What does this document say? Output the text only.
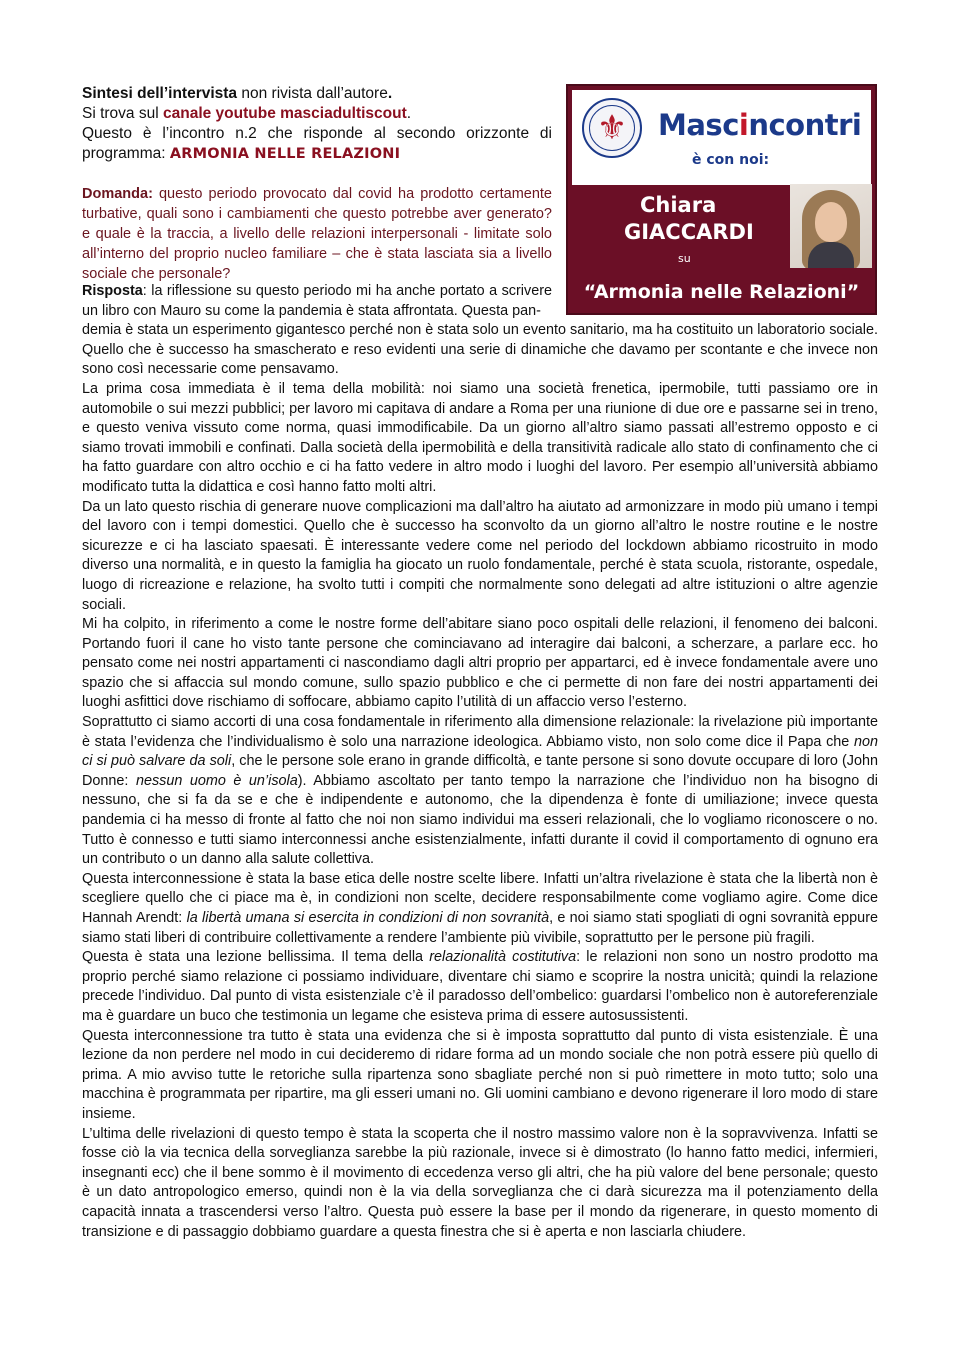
Sintesi dell’intervista non rivista dall’autore.

Si trova sul canale youtube masciadultiscout.

Questo è l’incontro n.2 che risponde al secondo orizzonte di

programma: ARMONIA NELLE RELAZIONI

⚜ Mascincontri
è con noi:
Chiara
GIACCARDI
su
“Armonia nelle Relazioni”

Domanda: questo periodo provocato dal covid ha prodotto certamente turbative, quali sono i cambiamenti che questo potrebbe aver generato? e quale è la traccia, a livello delle relazioni interpersonali - limitate solo all’interno del proprio nucleo familiare – che è stata lasciata sia a livello sociale che personale?

Risposta: la riflessione su questo periodo mi ha anche portato a scrivere un libro con Mauro su come la pandemia è stata affrontata. Questa pan-

demia è stata un esperimento gigantesco perché non è stata solo un evento sanitario, ma ha costituito un laboratorio sociale. Quello che è successo ha smascherato e reso evidenti una serie di dinamiche che davamo per scontante e che invece non sono così necessarie come pensavamo.

La prima cosa immediata è il tema della mobilità: noi siamo una società frenetica, ipermobile, tutti passiamo ore in automobile o sui mezzi pubblici; per lavoro mi capitava di andare a Roma per una riunione di due ore e passarne sei in treno, e questo veniva vissuto come norma, quasi immodificabile. Da un giorno all’altro siamo passati all’estremo opposto e ci siamo trovati immobili e confinati. Dalla società della ipermobilità e della transitività radicale allo stato di confinamento che ci ha fatto guardare con altro occhio e ci ha fatto vedere in altro modo i luoghi del lavoro. Per esempio all’università abbiamo modificato tutta la didattica e così hanno fatto molti altri.

Da un lato questo rischia di generare nuove complicazioni ma dall’altro ha aiutato ad armonizzare in modo più umano i tempi del lavoro con i tempi domestici. Quello che è successo ha sconvolto da un giorno all’altro le nostre routine e le nostre sicurezze e ci ha lasciato spaesati. È interessante vedere come nel periodo del lockdown abbiamo ricostruito in modo diverso una normalità, e in questo la famiglia ha giocato un ruolo fondamentale, perché è stata scuola, ristorante, ospedale, luogo di ricreazione e relazione, ha svolto tutti i compiti che normalmente sono delegati ad altre istituzioni o altre agenzie sociali.

Mi ha colpito, in riferimento a come le nostre forme dell’abitare siano poco ospitali delle relazioni, il fenomeno dei balconi. Portando fuori il cane ho visto tante persone che cominciavano ad interagire dai balconi, a scherzare, a parlare ecc. ho pensato come nei nostri appartamenti ci nascondiamo dagli altri proprio per appartarci, ed è invece fondamentale avere uno spazio che si affaccia sul mondo comune, sullo spazio pubblico e che ci permette di non fare dei nostri appartamenti dei luoghi asfittici dove rischiamo di soffocare, abbiamo capito l’utilità di un affaccio verso l’esterno.

Soprattutto ci siamo accorti di una cosa fondamentale in riferimento alla dimensione relazionale: la rivelazione più importante è stata l’evidenza che l’individualismo è solo una narrazione ideologica. Abbiamo visto, non solo come dice il Papa che non ci si può salvare da soli, che le persone sole erano in grande difficoltà, e tante persone si sono dovute occupare di loro (John Donne: nessun uomo è un’isola). Abbiamo ascoltato per tanto tempo la narrazione che l’individuo non ha bisogno di nessuno, che si fa da se e che è indipendente e autonomo, che la dipendenza è fonte di umiliazione; invece questa pandemia ci ha messo di fronte al fatto che noi non siamo individui ma esseri relazionali, che lo vogliamo riconoscere o no. Tutto è connesso e tutti siamo interconnessi anche esistenzialmente, infatti durante il covid il comportamento di ognuno era un contributo o un danno alla salute collettiva.

Questa interconnessione è stata la base etica delle nostre scelte libere. Infatti un’altra rivelazione è stata che la libertà non è scegliere quello che ci piace ma è, in condizioni non scelte, decidere responsabilmente come vogliamo agire. Come dice Hannah Arendt: la libertà umana si esercita in condizioni di non sovranità, e noi siamo stati spogliati di ogni sovranità eppure siamo stati liberi di contribuire collettivamente a rendere l’ambiente più vivibile, soprattutto per le persone più fragili.

Questa è stata una lezione bellissima. Il tema della relazionalità costitutiva: le relazioni non sono un nostro prodotto ma proprio perché siamo relazione ci possiamo individuare, diventare chi siamo e scoprire la nostra unicità; quindi la relazione precede l’individuo. Dal punto di vista esistenziale c’è il paradosso dell’ombelico: guardarsi l’ombelico non è autoreferenziale ma è guardare un buco che testimonia un legame che esisteva prima di essere autosussistenti.

Questa interconnessione tra tutto è stata una evidenza che si è imposta soprattutto dal punto di vista esistenziale. È una lezione da non perdere nel modo in cui decideremo di ridare forma ad un mondo sociale che non potrà essere più quello di prima. A mio avviso tutte le retoriche sulla ripartenza sono sbagliate perché non si può rimettere in moto tutto; solo una macchina è programmata per ripartire, ma gli esseri umani no. Gli uomini cambiano e devono rigenerare il loro modo di stare insieme.

L’ultima delle rivelazioni di questo tempo è stata la scoperta che il nostro massimo valore non è la sopravvivenza. Infatti se fosse ciò la via tecnica della sorveglianza sarebbe la più razionale, invece si è dimostrato (lo hanno fatto medici, infermieri, insegnanti ecc) che il bene sommo è il movimento di eccedenza verso gli altri, che ha più valore del bene personale; questo è un dato antropologico emerso, quindi non è la via della sorveglianza che ci darà sicurezza ma il potenziamento della capacità innata a trascendersi verso l’altro. Questa può essere la base per il mondo da rigenerare, in questo momento di transizione e di passaggio dobbiamo guardare a questa finestra che si è aperta e non lasciarla chiudere.
